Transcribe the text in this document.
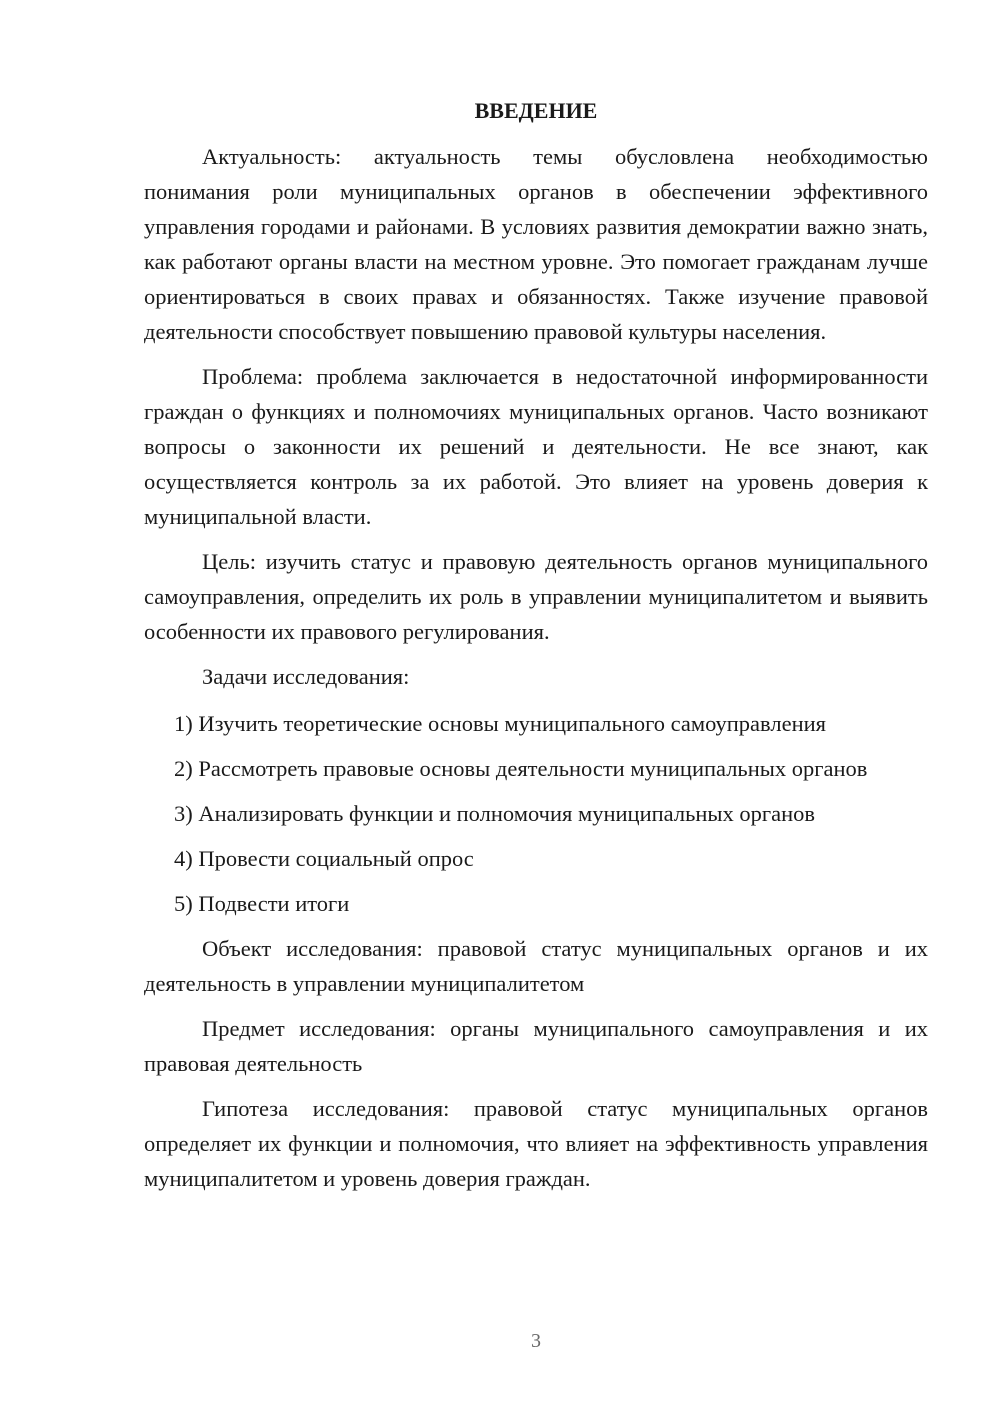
ВВЕДЕНИЕ

Актуальность: актуальность темы обусловлена необходимостью понимания роли муниципальных органов в обеспечении эффективного управления городами и районами. В условиях развития демократии важно знать, как работают органы власти на местном уровне. Это помогает гражданам лучше ориентироваться в своих правах и обязанностях. Также изучение правовой деятельности способствует повышению правовой культуры населения.

Проблема: проблема заключается в недостаточной информированности граждан о функциях и полномочиях муниципальных органов. Часто возникают вопросы о законности их решений и деятельности. Не все знают, как осуществляется контроль за их работой. Это влияет на уровень доверия к муниципальной власти.

Цель: изучить статус и правовую деятельность органов муниципального самоуправления, определить их роль в управлении муниципалитетом и выявить особенности их правового регулирования.

Задачи исследования:
1) Изучить теоретические основы муниципального самоуправления
2) Рассмотреть правовые основы деятельности муниципальных органов
3) Анализировать функции и полномочия муниципальных органов
4) Провести социальный опрос
5) Подвести итоги

Объект исследования: правовой статус муниципальных органов и их деятельность в управлении муниципалитетом

Предмет исследования: органы муниципального самоуправления и их правовая деятельность

Гипотеза исследования: правовой статус муниципальных органов определяет их функции и полномочия, что влияет на эффективность управления муниципалитетом и уровень доверия граждан.

3
